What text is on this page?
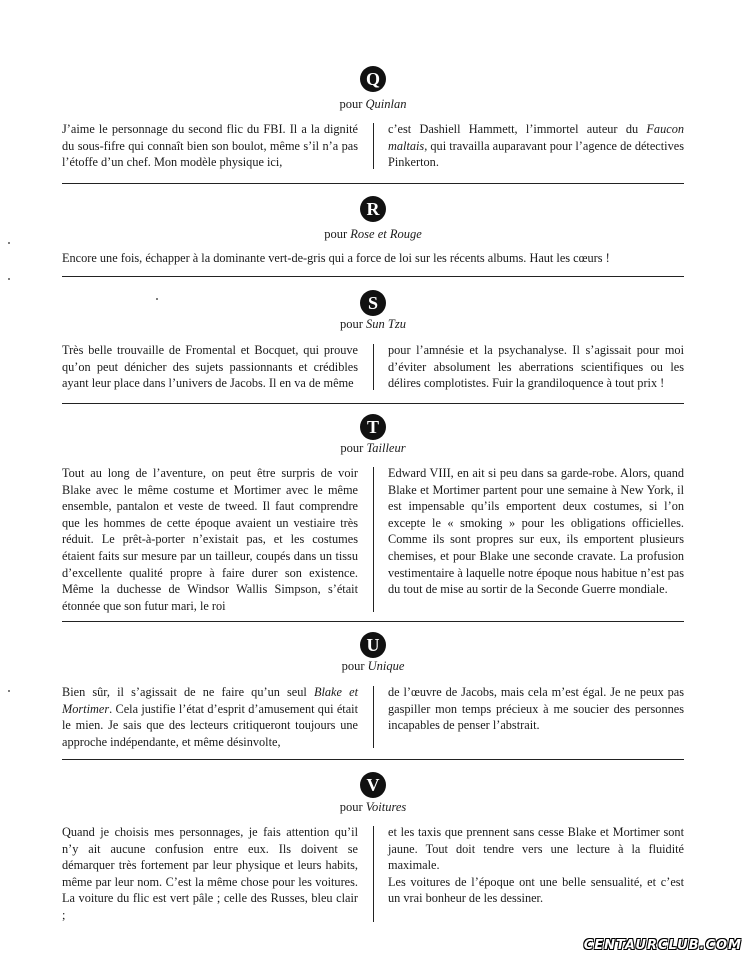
Q
pour Quinlan

J’aime le personnage du second flic du FBI. Il a la dignité du sous-fifre qui connaît bien son boulot, même s’il n’a pas l’étoffe d’un chef. Mon modèle physique ici,

c’est Dashiell Hammett, l’immortel auteur du Faucon maltais, qui travailla auparavant pour l’agence de détectives Pinkerton.

R
pour Rose et Rouge
Encore une fois, échapper à la dominante vert-de-gris qui a force de loi sur les récents albums. Haut les cœurs !
S
pour Sun Tzu

Très belle trouvaille de Fromental et Bocquet, qui prouve qu’on peut dénicher des sujets passionnants et crédibles ayant leur place dans l’univers de Jacobs. Il en va de même

pour l’amnésie et la psychanalyse. Il s’agissait pour moi d’éviter absolument les aberrations scientifiques ou les délires complotistes. Fuir la grandiloquence à tout prix !

T
pour Tailleur

Tout au long de l’aventure, on peut être surpris de voir Blake avec le même costume et Mortimer avec le même ensemble, pantalon et veste de tweed. Il faut comprendre que les hommes de cette époque avaient un vestiaire très réduit. Le prêt-à-porter n’existait pas, et les costumes étaient faits sur mesure par un tailleur, coupés dans un tissu d’excellente qualité propre à faire durer son existence. Même la duchesse de Windsor Wallis Simpson, s’était étonnée que son futur mari, le roi

Edward VIII, en ait si peu dans sa garde-robe. Alors, quand Blake et Mortimer partent pour une semaine à New York, il est impensable qu’ils emportent deux costumes, si l’on excepte le « smoking » pour les obligations officielles. Comme ils sont propres sur eux, ils emportent plusieurs chemises, et pour Blake une seconde cravate. La profusion vestimentaire à laquelle notre époque nous habitue n’est pas du tout de mise au sortir de la Seconde Guerre mondiale.

U
pour Unique

Bien sûr, il s’agissait de ne faire qu’un seul Blake et Mortimer. Cela justifie l’état d’esprit d’amusement qui était le mien. Je sais que des lecteurs critiqueront toujours une approche indépendante, et même désinvolte,

de l’œuvre de Jacobs, mais cela m’est égal. Je ne peux pas gaspiller mon temps précieux à me soucier des personnes incapables de penser l’abstrait.

V
pour Voitures

Quand je choisis mes personnages, je fais attention qu’il n’y ait aucune confusion entre eux. Ils doivent se démarquer très fortement par leur physique et leurs habits, même par leur nom. C’est la même chose pour les voitures. La voiture du flic est vert pâle ; celle des Russes, bleu clair ;

et les taxis que prennent sans cesse Blake et Mortimer sont jaune. Tout doit tendre vers une lecture à la fluidité maximale.

Les voitures de l’époque ont une belle sensualité, et c’est un vrai bonheur de les dessiner.

CENTAURCLUB.COM
